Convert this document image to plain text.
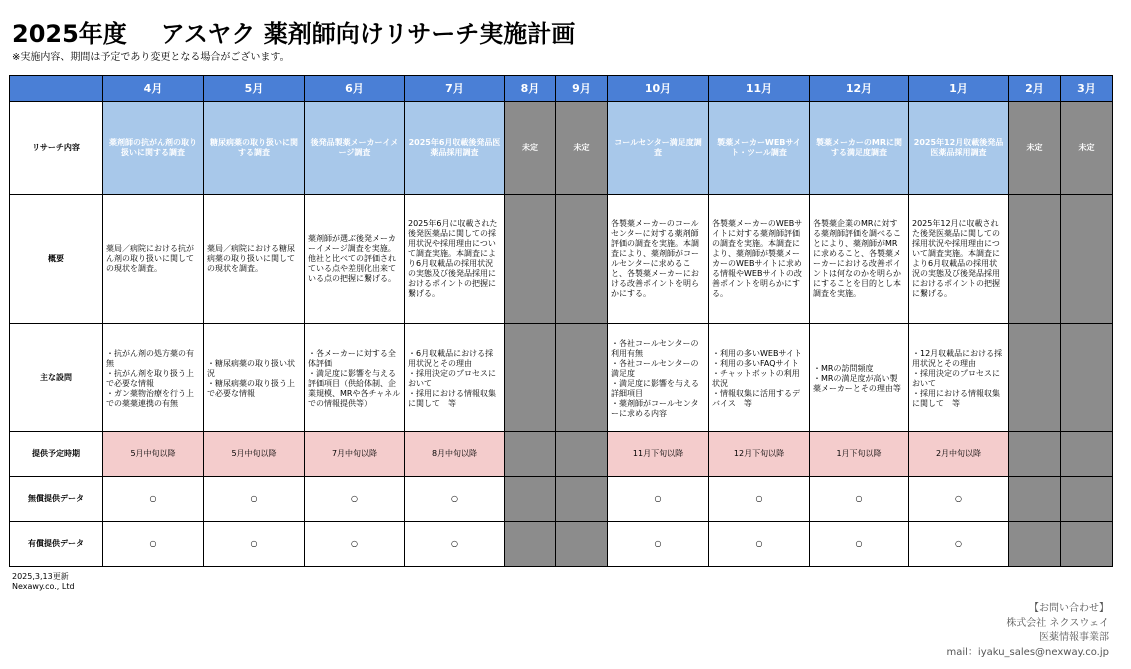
2025年度 アスヤク 薬剤師向けリサーチ実施計画
※実施内容、期間は予定であり変更となる場合がございます。
	4月	5月	6月	7月	8月	9月	10月	11月	12月	1月	2月	3月
リサーチ内容	薬剤師の抗がん剤の取り扱いに関する調査	糖尿病薬の取り扱いに関する調査	後発品製薬メーカーイメージ調査	2025年6月収載後発品医薬品採用調査	未定	未定	コールセンター満足度調査	製薬メーカーWEBサイト・ツール調査	製薬メーカーのMRに関する満足度調査	2025年12月収載後発品医薬品採用調査	未定	未定
概要	薬局／病院における抗がん剤の取り扱いに関しての現状を調査。	薬局／病院における糖尿病薬の取り扱いに関しての現状を調査。	薬剤師が選ぶ後発メーカーイメージ調査を実施。他社と比べての評価されている点や差別化出来ている点の把握に繋げる。	2025年6月に収載された後発医薬品に関しての採用状況や採用理由について調査実施。本調査により6月収載品の採用状況の実態及び後発品採用におけるポイントの把握に繋げる。			各製薬メーカーのコールセンターに対する薬剤師評価の調査を実施。本調査により、薬剤師がコールセンターに求めること、各製薬メーカーにおける改善ポイントを明らかにする。	各製薬メーカーのWEBサイトに対する薬剤師評価の調査を実施。本調査により、薬剤師が製薬メーカーのWEBサイトに求める情報やWEBサイトの改善ポイントを明らかにする。	各製薬企業のMRに対する薬剤師評価を調べることにより、薬剤師がMRに求めること、各製薬メーカーにおける改善ポイントは何なのかを明らかにすることを目的とし本調査を実施。	2025年12月に収載された後発医薬品に関しての採用状況や採用理由について調査実施。本調査により6月収載品の採用状況の実態及び後発品採用におけるポイントの把握に繋げる。		
主な設問	・抗がん剤の処方薬の有無
・抗がん剤を取り扱う上で必要な情報
・ガン薬物治療を行う上での薬薬連携の有無	・糖尿病薬の取り扱い状況
・糖尿病薬の取り扱う上で必要な情報	・各メーカーに対する全体評価
・満足度に影響を与える評価項目（供給体制、企業規模、MRや各チャネルでの情報提供等）	・6月収載品における採用状況とその理由
・採用決定のプロセスにおいて
・採用における情報収集に関して　等			・各社コールセンターの利用有無
・各社コールセンターの満足度
・満足度に影響を与える詳細項目
・薬剤師がコールセンターに求める内容	・利用の多いWEBサイト
・利用の多いFAQサイト
・チャットボットの利用状況
・情報収集に活用するデバイス　等	・MRの訪問頻度
・MRの満足度が高い製薬メーカーとその理由等	・12月収載品における採用状況とその理由
・採用決定のプロセスにおいて
・採用における情報収集に関して　等		
提供予定時期	5月中旬以降	5月中旬以降	7月中旬以降	8月中旬以降			11月下旬以降	12月下旬以降	1月下旬以降	2月中旬以降		
無償提供データ	○	○	○	○			○	○	○	○		
有償提供データ	○	○	○	○			○	○	○	○		
2025,3,13更新
Nexawy.co., Ltd
【お問い合わせ】
株式会社 ネクスウェイ
医薬情報事業部
mail：iyaku_sales@nexway.co.jp
